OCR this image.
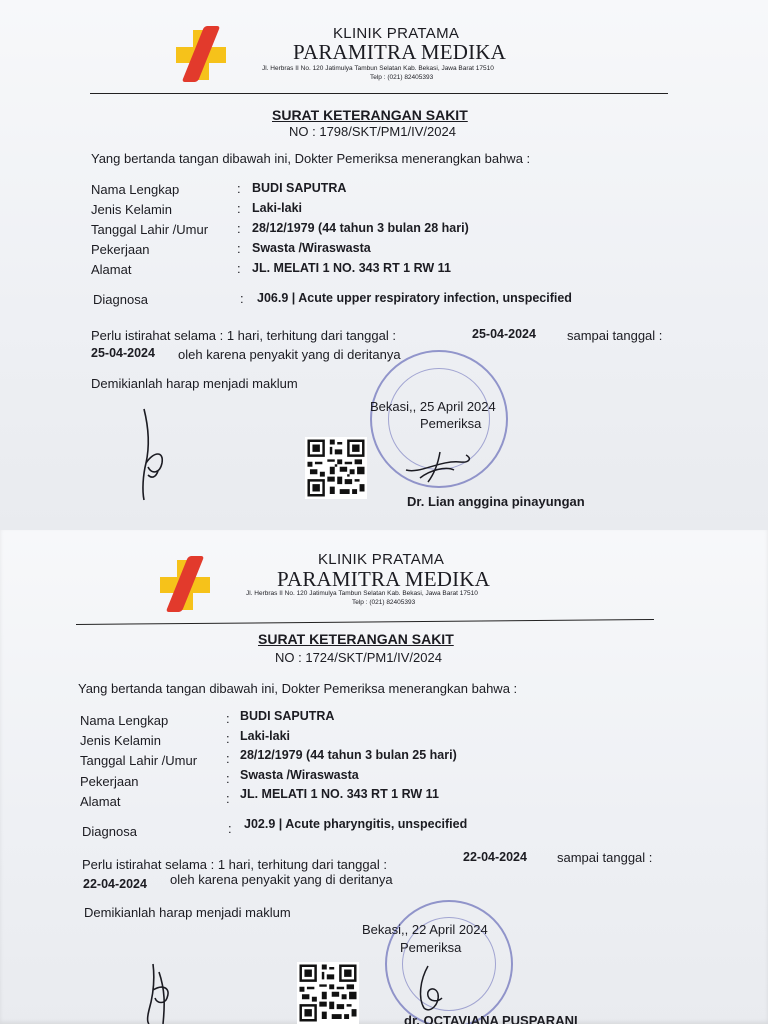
KLINIK PRATAMA
PARAMITRA MEDIKA
Jl. Herbras II No. 120 Jatimulya Tambun Selatan Kab. Bekasi, Jawa Barat 17510
Telp : (021) 82405393
SURAT KETERANGAN SAKIT
NO : 1798/SKT/PM1/IV/2024
Yang bertanda tangan dibawah ini, Dokter Pemeriksa menerangkan bahwa :
Nama Lengkap	: BUDI SAPUTRA
Jenis Kelamin	: Laki-laki
Tanggal Lahir /Umur : 28/12/1979 (44 tahun 3 bulan 28 hari)
Pekerjaan	: Swasta /Wiraswasta
Alamat	: JL. MELATI 1 NO. 343 RT 1 RW 11
Diagnosa	: J06.9 | Acute upper respiratory infection, unspecified
Perlu istirahat selama : 1 hari, terhitung dari tanggal :	25-04-2024 sampai tanggal :
25-04-2024 oleh karena penyakit yang di deritanya
Demikianlah harap menjadi maklum
Bekasi,, 25 April 2024
Pemeriksa
Dr. Lian anggina pinayungan
KLINIK PRATAMA
PARAMITRA MEDIKA
Jl. Herbras II No. 120 Jatimulya Tambun Selatan Kab. Bekasi, Jawa Barat 17510
Telp : (021) 82405393
SURAT KETERANGAN SAKIT
NO : 1724/SKT/PM1/IV/2024
Yang bertanda tangan dibawah ini, Dokter Pemeriksa menerangkan bahwa :
Nama Lengkap	: BUDI SAPUTRA
Jenis Kelamin	: Laki-laki
Tanggal Lahir /Umur : 28/12/1979 (44 tahun 3 bulan 25 hari)
Pekerjaan	: Swasta /Wiraswasta
Alamat	: JL. MELATI 1 NO. 343 RT 1 RW 11
Diagnosa	: J02.9 | Acute pharyngitis, unspecified
Perlu istirahat selama : 1 hari, terhitung dari tanggal :	22-04-2024 sampai tanggal :
22-04-2024 oleh karena penyakit yang di deritanya
Demikianlah harap menjadi maklum
Bekasi,, 22 April 2024
Pemeriksa
dr. OCTAVIANA PUSPARANI
